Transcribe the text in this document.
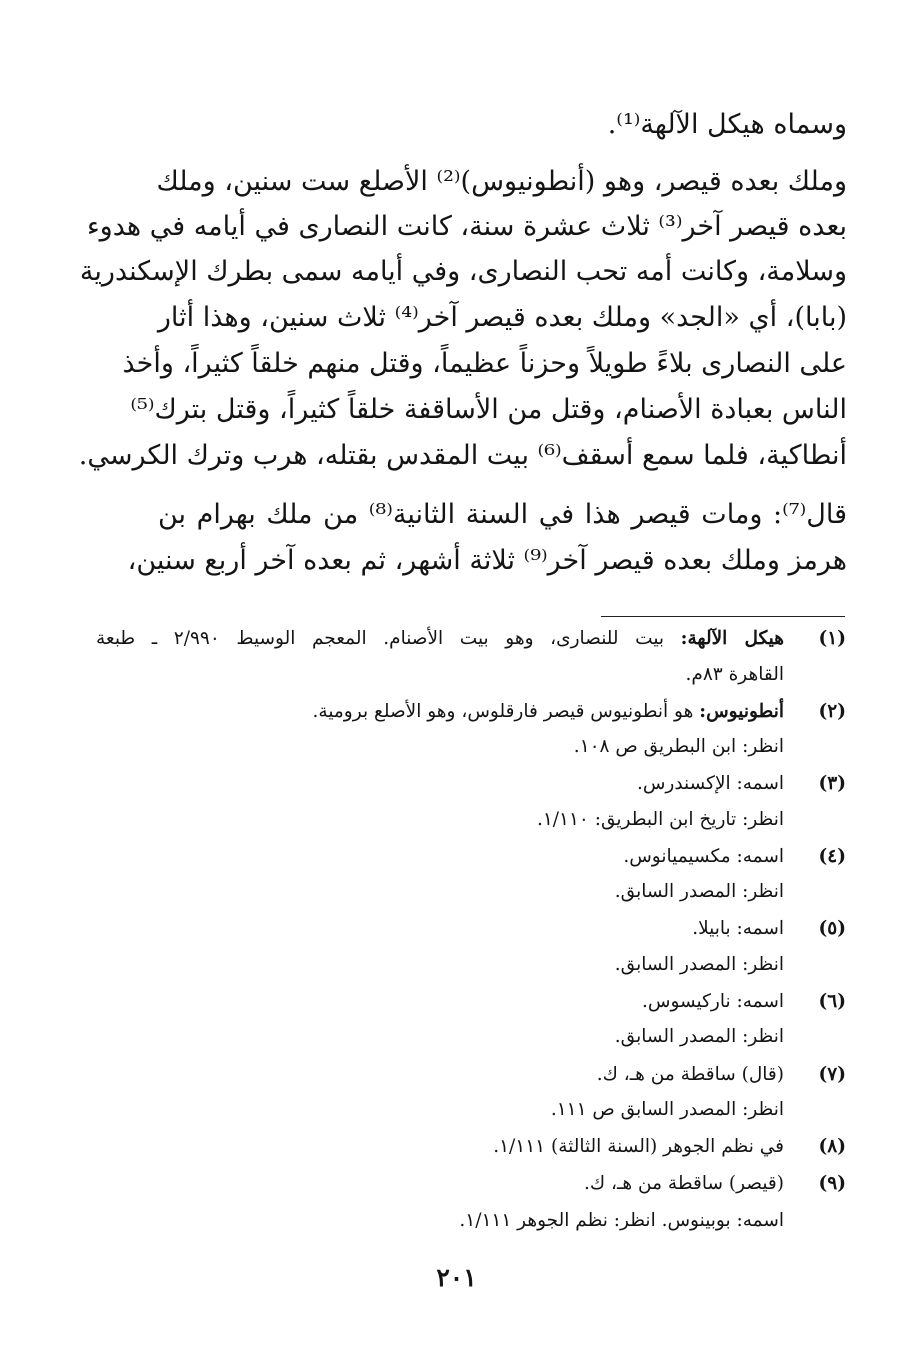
وسماه هيكل الآلهة⁽¹⁾.
وملك بعده قيصر، وهو (أنطونيوس)⁽²⁾ الأصلع ست سنين، وملك
بعده قيصر آخر⁽³⁾ ثلاث عشرة سنة، كانت النصارى في أيامه في هدوء
وسلامة، وكانت أمه تحب النصارى، وفي أيامه سمى بطرك الإسكندرية
(بابا)، أي «الجد» وملك بعده قيصر آخر⁽⁴⁾ ثلاث سنين، وهذا أثار
على النصارى بلاءً طويلاً وحزناً عظيماً، وقتل منهم خلقاً كثيراً، وأخذ
الناس بعبادة الأصنام، وقتل من الأساقفة خلقاً كثيراً، وقتل بترك⁽⁵⁾
أنطاكية، فلما سمع أسقف⁽⁶⁾ بيت المقدس بقتله، هرب وترك الكرسي.
قال⁽⁷⁾: ومات قيصر هذا في السنة الثانية⁽⁸⁾ من ملك بهرام بن
هرمز وملك بعده قيصر آخر⁽⁹⁾ ثلاثة أشهر، ثم بعده آخر أربع سنين،
(١)
هيكل الآلهة: بيت للنصارى، وهو بيت الأصنام. المعجم الوسيط ٢/٩٩٠ ـ طبعة
القاهرة ٨٣م.
(٢)
أنطونيوس: هو أنطونيوس قيصر فارقلوس، وهو الأصلع برومية.
انظر: ابن البطريق ص ١٠٨.
(٣)
اسمه: الإكسندرس.
انظر: تاريخ ابن البطريق: ١/١١٠.
(٤)
اسمه: مكسيميانوس.
انظر: المصدر السابق.
(٥)
اسمه: بابيلا.
انظر: المصدر السابق.
(٦)
اسمه: ناركيسوس.
انظر: المصدر السابق.
(٧)
(قال) ساقطة من هـ، ك.
انظر: المصدر السابق ص ١١١.
(٨)
في نظم الجوهر (السنة الثالثة) ١/١١١.
(٩)
(قيصر) ساقطة من هـ، ك.
اسمه: بوبينوس. انظر: نظم الجوهر ١/١١١.
٢٠١
